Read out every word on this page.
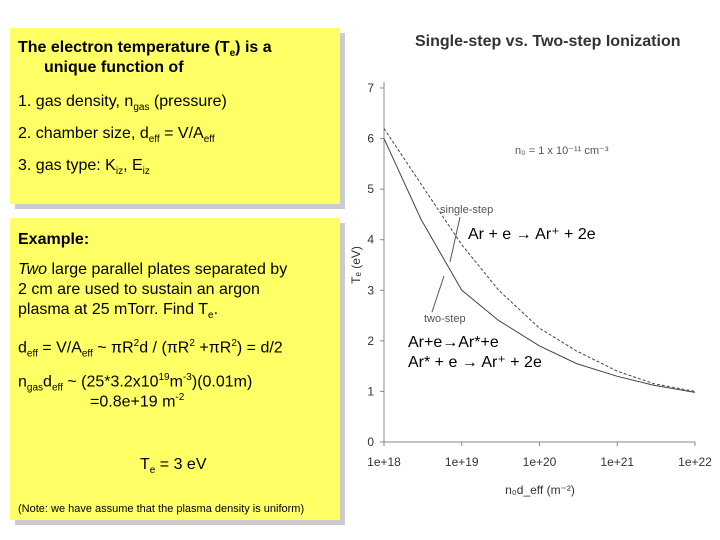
The electron temperature $(T_e)$ is a
unique function of
1. gas density, $n_{gas}$ (pressure)
2. chamber size, $d_{eff} = V/A_{eff}$
3. gas type: $K_{iz}$, $E_{iz}$
Example:
Two large parallel plates separated by
2 cm are used to sustain an argon
plasma at 25 mTorr. Find $T_e$.
$d_{eff} = V/A_{eff}$ ~ $\pi R^2d / (\pi R^2 +\pi R^2) = d/2$
$n_{gas}d_{eff}$ ~ $(25*3.2x10^{19}m^{-3})(0.01m)$
=0.8e+19 $m^{-2}$
$T_e = 3$ eV
(Note: we have assume that the plasma density is uniform)
Single-step vs. Two-step Ionization
0
1
2
3
4
5
6
7
1e+18	1e+19	1e+20	1e+21	1e+22
Tₑ (eV)
n₀d_eff (m⁻²)
single-step
two-step
n₀ = 1 x 10⁻¹¹ cm⁻³
Ar + e → Ar⁺ + 2e
Ar+e→Ar*+e
Ar* + e → Ar⁺ + 2e
